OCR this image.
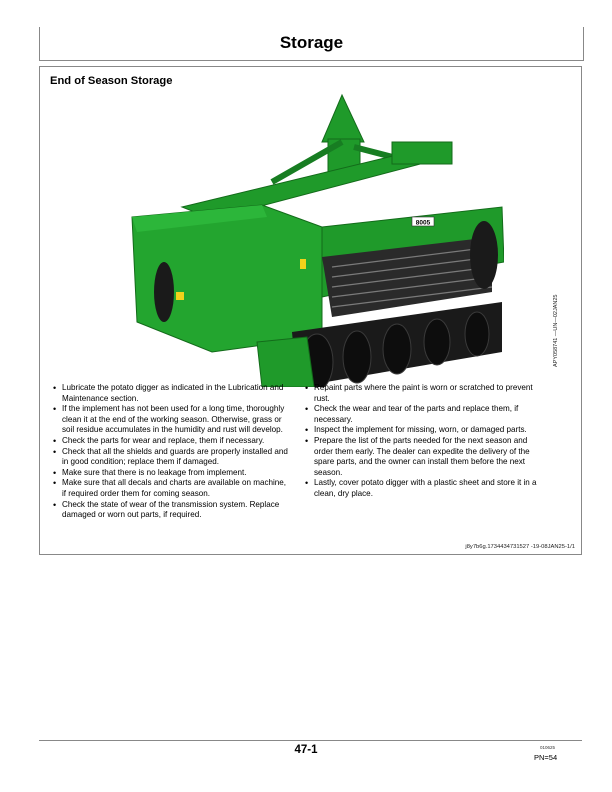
Storage
End of Season Storage
8005
APY058741 —UN—02JAN25
• Lubricate the potato digger as indicated in the Lubrication and Maintenance section.
• If the implement has not been used for a long time, thoroughly clean it at the end of the working season. Otherwise, grass or soil residue accumulates in the humidity and rust will develop.
• Check the parts for wear and replace, them if necessary.
• Check that all the shields and guards are properly installed and in good condition; replace them if damaged.
• Make sure that there is no leakage from implement.
• Make sure that all decals and charts are available on machine, if required order them for coming season.
• Check the state of wear of the transmission system. Replace damaged or worn out parts, if required.
• Repaint parts where the paint is worn or scratched to prevent rust.
• Check the wear and tear of the parts and replace them, if necessary.
• Inspect the implement for missing, worn, or damaged parts.
• Prepare the list of the parts needed for the next season and order them early. The dealer can expedite the delivery of the spare parts, and the owner can install them before the next season.
• Lastly, cover potato digger with a plastic sheet and store it in a clean, dry place.
j8y7b6g.1734434731527 -19-08JAN25-1/1
47-1	010625
PN=54
